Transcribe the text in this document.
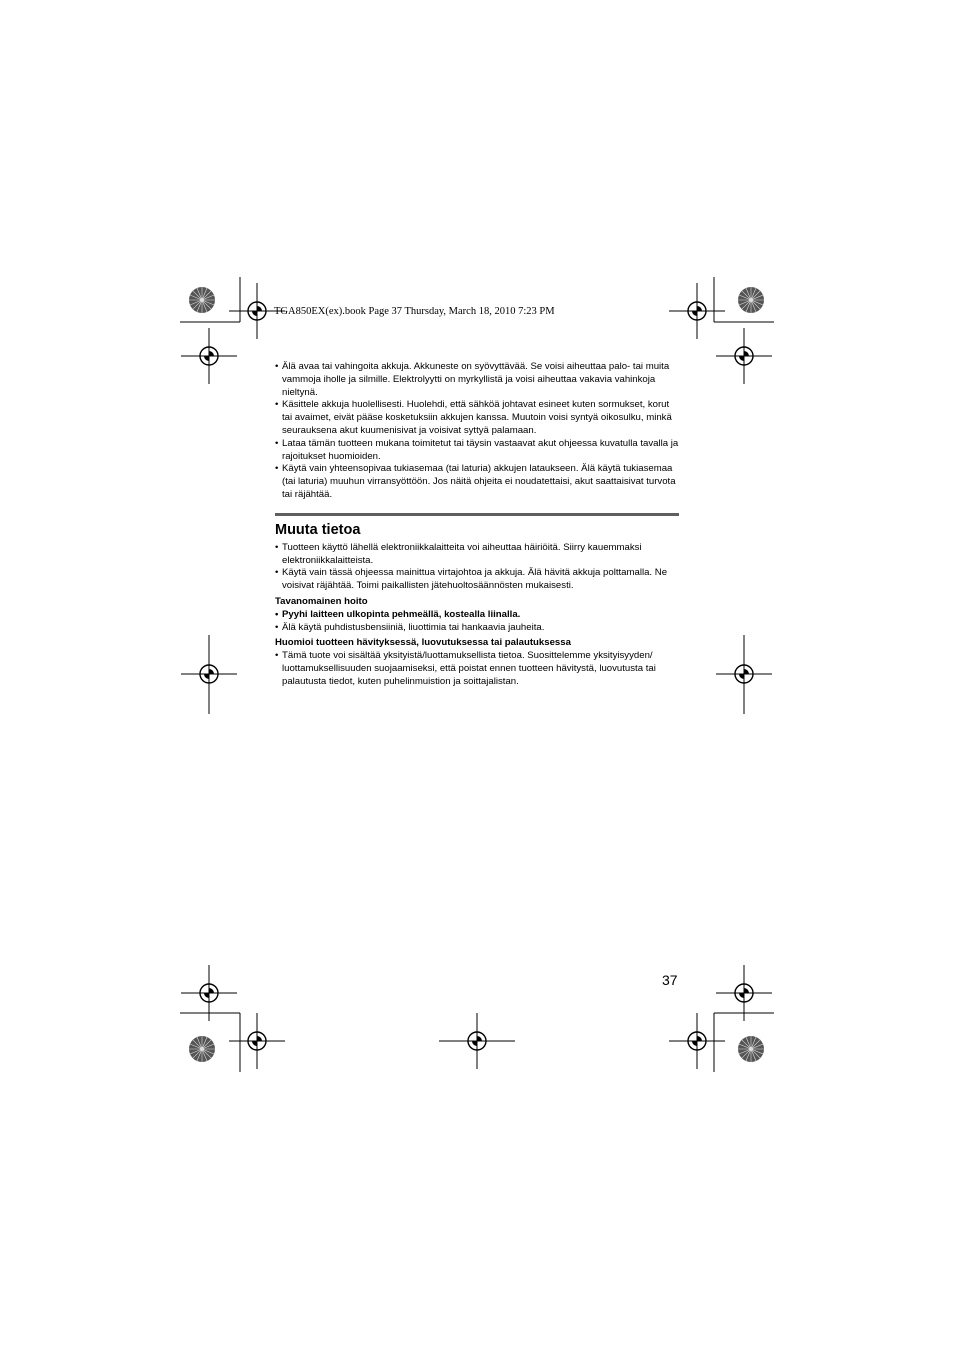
TGA850EX(ex).book Page 37 Thursday, March 18, 2010 7:23 PM

• Älä avaa tai vahingoita akkuja. Akkuneste on syövyttävää. Se voisi aiheuttaa palo- tai muita vammoja iholle ja silmille. Elektrolyytti on myrkyllistä ja voisi aiheuttaa vakavia vahinkoja nieltynä.

• Käsittele akkuja huolellisesti. Huolehdi, että sähköä johtavat esineet kuten sormukset, korut tai avaimet, eivät pääse kosketuksiin akkujen kanssa. Muutoin voisi syntyä oikosulku, minkä seurauksena akut kuumenisivat ja voisivat syttyä palamaan.

• Lataa tämän tuotteen mukana toimitetut tai täysin vastaavat akut ohjeessa kuvatulla tavalla ja rajoitukset huomioiden.

• Käytä vain yhteensopivaa tukiasemaa (tai laturia) akkujen lataukseen. Älä käytä tukiasemaa (tai laturia) muuhun virransyöttöön. Jos näitä ohjeita ei noudatettaisi, akut saattaisivat turvota tai räjähtää.

Muuta tietoa

• Tuotteen käyttö lähellä elektroniikkalaitteita voi aiheuttaa häiriöitä. Siirry kauemmaksi elektroniikkalaitteista.

• Käytä vain tässä ohjeessa mainittua virtajohtoa ja akkuja. Älä hävitä akkuja polttamalla. Ne voisivat räjähtää. Toimi paikallisten jätehuoltosäännösten mukaisesti.

Tavanomainen hoito

• Pyyhi laitteen ulkopinta pehmeällä, kostealla liinalla.

• Älä käytä puhdistusbensiiniä, liuottimia tai hankaavia jauheita.

Huomioi tuotteen hävityksessä, luovutuksessa tai palautuksessa

• Tämä tuote voi sisältää yksityistä/luottamuksellista tietoa. Suosittelemme yksityisyyden/ luottamuksellisuuden suojaamiseksi, että poistat ennen tuotteen hävitystä, luovutusta tai palautusta tiedot, kuten puhelinmuistion ja soittajalistan.

37
